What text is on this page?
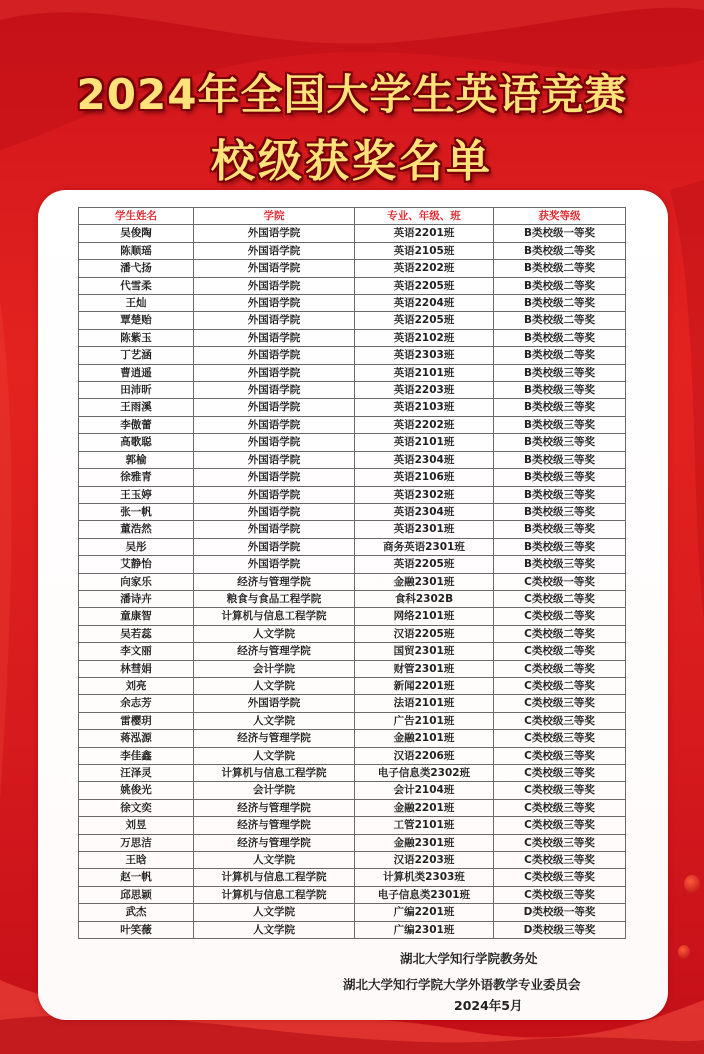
2024年全国大学生英语竞赛
校级获奖名单
学生姓名	学院	专业、年级、班	获奖等级
吴俊陶	外国语学院	英语2201班	B类校级一等奖
陈顺瑶	外国语学院	英语2105班	B类校级二等奖
潘弋扬	外国语学院	英语2202班	B类校级二等奖
代雪柔	外国语学院	英语2205班	B类校级二等奖
王灿	外国语学院	英语2204班	B类校级二等奖
覃楚贻	外国语学院	英语2205班	B类校级二等奖
陈紫玉	外国语学院	英语2102班	B类校级二等奖
丁艺涵	外国语学院	英语2303班	B类校级二等奖
曹逍遥	外国语学院	英语2101班	B类校级三等奖
田沛昕	外国语学院	英语2203班	B类校级三等奖
王雨溪	外国语学院	英语2103班	B类校级三等奖
李傲蕾	外国语学院	英语2202班	B类校级三等奖
高歌聪	外国语学院	英语2101班	B类校级三等奖
郭榆	外国语学院	英语2304班	B类校级三等奖
徐雅青	外国语学院	英语2106班	B类校级三等奖
王玉婷	外国语学院	英语2302班	B类校级三等奖
张一帆	外国语学院	英语2304班	B类校级三等奖
董浩然	外国语学院	英语2301班	B类校级三等奖
吴彤	外国语学院	商务英语2301班	B类校级三等奖
艾静怡	外国语学院	英语2205班	B类校级三等奖
向家乐	经济与管理学院	金融2301班	C类校级一等奖
潘诗卉	粮食与食品工程学院	食科2302B	C类校级二等奖
童康智	计算机与信息工程学院	网络2101班	C类校级二等奖
吴若蕊	人文学院	汉语2205班	C类校级二等奖
李文丽	经济与管理学院	国贸2301班	C类校级二等奖
林彗娟	会计学院	财管2301班	C类校级二等奖
刘亮	人文学院	新闻2201班	C类校级二等奖
余志芳	外国语学院	法语2101班	C类校级三等奖
雷樱玥	人文学院	广告2101班	C类校级三等奖
蒋泓源	经济与管理学院	金融2101班	C类校级三等奖
李佳鑫	人文学院	汉语2206班	C类校级三等奖
汪泽灵	计算机与信息工程学院	电子信息类2302班	C类校级三等奖
姚俊光	会计学院	会计2104班	C类校级三等奖
徐文奕	经济与管理学院	金融2201班	C类校级三等奖
刘昱	经济与管理学院	工管2101班	C类校级三等奖
万思洁	经济与管理学院	金融2301班	C类校级三等奖
王晗	人文学院	汉语2203班	C类校级三等奖
赵一帆	计算机与信息工程学院	计算机类2303班	C类校级三等奖
邱思颖	计算机与信息工程学院	电子信息类2301班	C类校级三等奖
武杰	人文学院	广编2201班	D类校级一等奖
叶笑薇	人文学院	广编2301班	D类校级三等奖
湖北大学知行学院教务处
湖北大学知行学院大学外语教学专业委员会
2024年5月
